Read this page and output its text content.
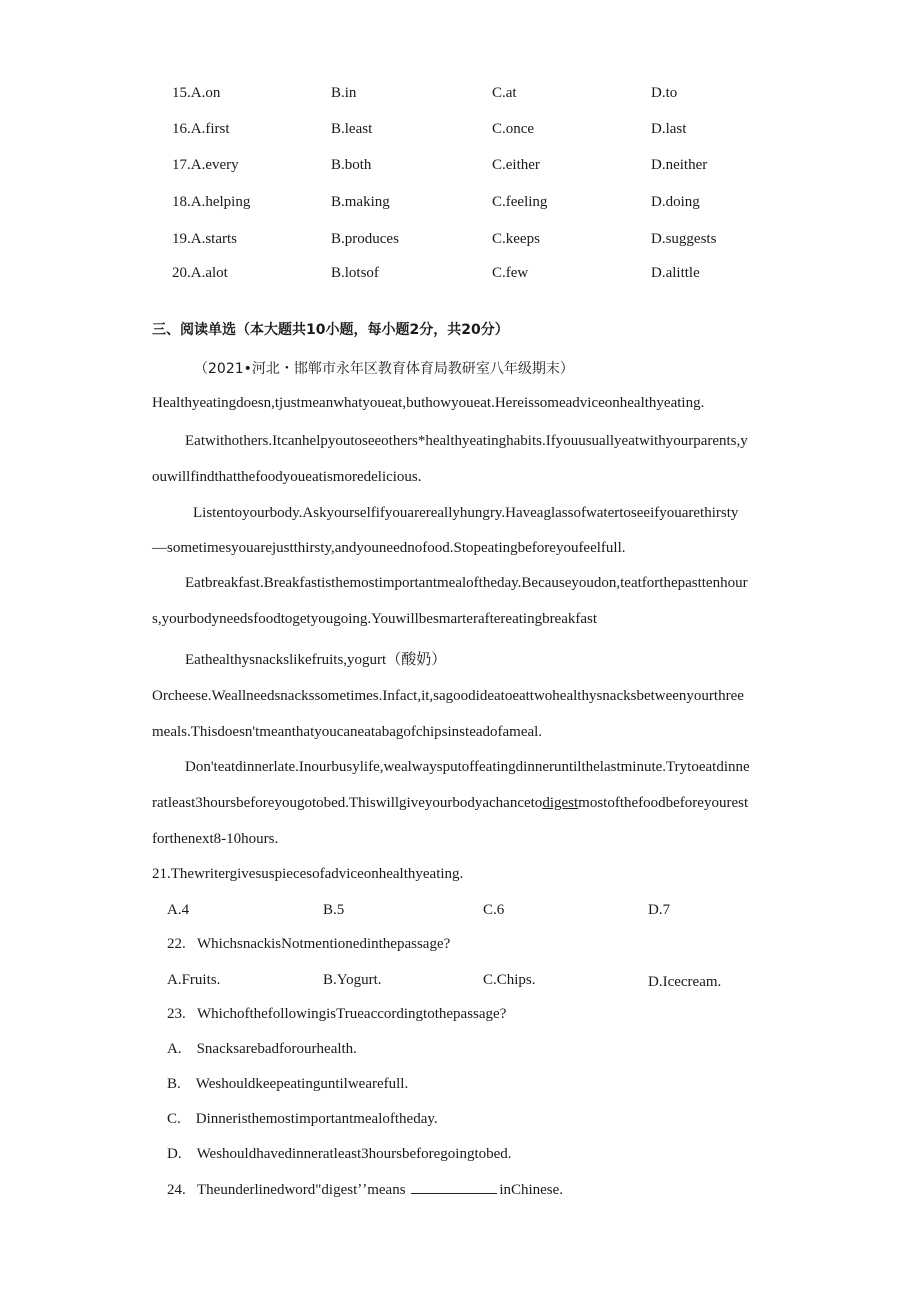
15.A.on	B.in	C.at	D.to
16.A.first	B.least	C.once	D.last
17.A.every	B.both	C.either	D.neither
18.A.helping	B.making	C.feeling	D.doing
19.A.starts	B.produces	C.keeps	D.suggests
20.A.alot	B.lotsof	C.few	D.alittle
三、阅读单选（本大题共10小题，每小题2分，共20分）
（2021•河北・邯郸市永年区教育体育局教研室八年级期末）
Healthyeatingdoesn,tjustmeanwhatyoueat,buthowyoueat.Hereissomeadviceonhealthyeating.
Eatwithothers.Itcanhelpyoutoseeothers*healthyeatinghabits.Ifyouusuallyeatwithyourparents,y
ouwillfindthatthefoodyoueatismoredelicious.
Listentoyourbody.Askyourselfifyouarereallyhungry.Haveaglassofwatertoseeifyouarethirsty
—sometimesyouarejustthirsty,andyouneednofood.Stopeatingbeforeyoufeelfull.
Eatbreakfast.Breakfastisthemostimportantmealoftheday.Becauseyoudon,teatforthepasttenhour
s,yourbodyneedsfoodtogetyougoing.Youwillbesmarteraftereatingbreakfast
Eathealthysnackslikefruits,yogurt（酸奶）
Orcheese.Weallneedsnackssometimes.Infact,it,sagoodideatoeattwohealthysnacksbetweenyourthree
meals.Thisdoesn'tmeanthatyoucaneatabagofchipsinsteadofameal.
Don'teatdinnerlate.Inourbusylife,wealwaysputoffeatingdinneruntilthelastminute.Trytoeatdinne
ratleast3hoursbeforeyougotobed.Thiswillgiveyourbodyachancetodigestmostofthefoodbeforeyourest
forthenext8-10hours.
21.Thewritergivesuspiecesofadviceonhealthyeating.
A.4	B.5	C.6	D.7
22.   WhichsnackisNotmentionedinthepassage?
A.Fruits.	B.Yogurt.	C.Chips.	D.Icecream.
23.   WhichofthefollowingisTrueaccordingtothepassage?
A.    Snacksarebadforourhealth.
B.    Weshouldkeepeatinguntilwearefull.
C.    Dinneristhemostimportantmealoftheday.
D.    Weshouldhavedinneratleast3hoursbeforegoingtobed.
24.   Theunderlinedword"digestʼʼmeans	inChinese.
